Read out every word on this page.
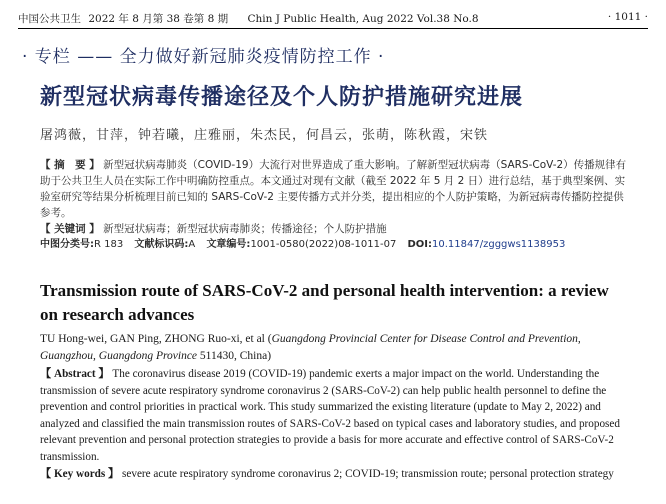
中国公共卫生 2022 年 8 月第 38 卷第 8 期 Chin J Public Health, Aug 2022 Vol.38 No.8	· 1011 ·
· 专栏 —— 全力做好新冠肺炎疫情防控工作 ·
新型冠状病毒传播途径及个人防护措施研究进展
屠鸿薇，甘萍，钟若曦，庄雅丽，朱杰民，何昌云，张萌，陈秋霞，宋铁

【 摘　要 】 新型冠状病毒肺炎（COVID-19）大流行对世界造成了重大影响。了解新型冠状病毒（SARS-CoV-2）传播规律有助于公共卫生人员在实际工作中明确防控重点。本文通过对现有文献（截至 2022 年 5 月 2 日）进行总结，基于典型案例、实验室研究等结果分析梳理目前已知的 SARS-CoV-2 主要传播方式并分类，提出相应的个人防护策略，为新冠病毒传播防控提供参考。

【 关键词 】 新型冠状病毒；新型冠状病毒肺炎；传播途径；个人防护措施

中图分类号:R 183 文献标识码:A 文章编号:1001-0580(2022)08-1011-07 DOI:10.11847/zgggws1138953

Transmission route of SARS-CoV-2 and personal health intervention: a review on research advances
TU Hong-wei, GAN Ping, ZHONG Ruo-xi, et al (Guangdong Provincial Center for Disease Control and Prevention, Guangzhou, Guangdong Province 511430, China)

【 Abstract 】 The coronavirus disease 2019 (COVID-19) pandemic exerts a major impact on the world. Understanding the transmission of severe acute respiratory syndrome coronavirus 2 (SARS-CoV-2) can help public health personnel to define the prevention and control priorities in practical work. This study summarized the existing literature (update to May 2, 2022) and analyzed and classified the main transmission routes of SARS-CoV-2 based on typical cases and laboratory studies, and proposed relevant prevention and personal protection strategies to provide a basis for more accurate and effective control of SARS-CoV-2 transmission.

【 Key words 】 severe acute respiratory syndrome coronavirus 2; COVID-19; transmission route; personal protection strategy
